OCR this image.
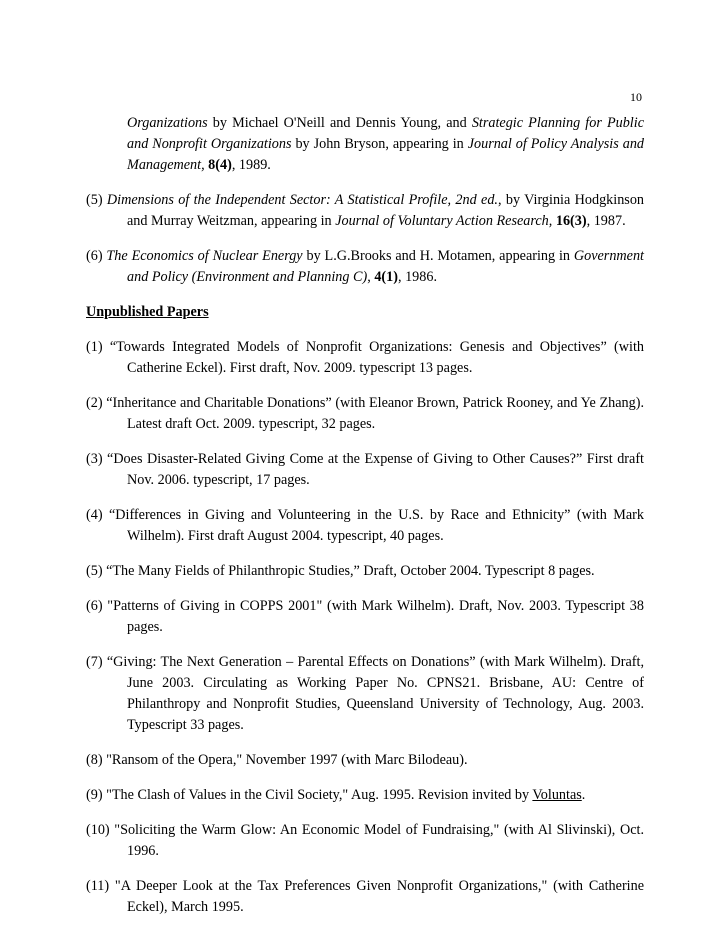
10

Organizations by Michael O'Neill and Dennis Young, and Strategic Planning for Public and Nonprofit Organizations by John Bryson, appearing in Journal of Policy Analysis and Management, 8(4), 1989.

(5) Dimensions of the Independent Sector: A Statistical Profile, 2nd ed., by Virginia Hodgkinson and Murray Weitzman, appearing in Journal of Voluntary Action Research, 16(3), 1987.

(6) The Economics of Nuclear Energy by L.G.Brooks and H. Motamen, appearing in Government and Policy (Environment and Planning C), 4(1), 1986.

Unpublished Papers

(1) “Towards Integrated Models of Nonprofit Organizations: Genesis and Objectives” (with Catherine Eckel). First draft, Nov. 2009. typescript 13 pages.

(2) “Inheritance and Charitable Donations” (with Eleanor Brown, Patrick Rooney, and Ye Zhang). Latest draft Oct. 2009. typescript, 32 pages.

(3) “Does Disaster-Related Giving Come at the Expense of Giving to Other Causes?” First draft Nov. 2006. typescript, 17 pages.

(4) “Differences in Giving and Volunteering in the U.S. by Race and Ethnicity” (with Mark Wilhelm). First draft August 2004. typescript, 40 pages.

(5) “The Many Fields of Philanthropic Studies,” Draft, October 2004. Typescript 8 pages.

(6) "Patterns of Giving in COPPS 2001" (with Mark Wilhelm). Draft, Nov. 2003. Typescript 38 pages.

(7) “Giving: The Next Generation – Parental Effects on Donations” (with Mark Wilhelm). Draft, June 2003. Circulating as Working Paper No. CPNS21. Brisbane, AU: Centre of Philanthropy and Nonprofit Studies, Queensland University of Technology, Aug. 2003. Typescript 33 pages.

(8) "Ransom of the Opera," November 1997 (with Marc Bilodeau).

(9) "The Clash of Values in the Civil Society," Aug. 1995. Revision invited by Voluntas.

(10) "Soliciting the Warm Glow: An Economic Model of Fundraising," (with Al Slivinski), Oct. 1996.

(11) "A Deeper Look at the Tax Preferences Given Nonprofit Organizations," (with Catherine Eckel), March 1995.
